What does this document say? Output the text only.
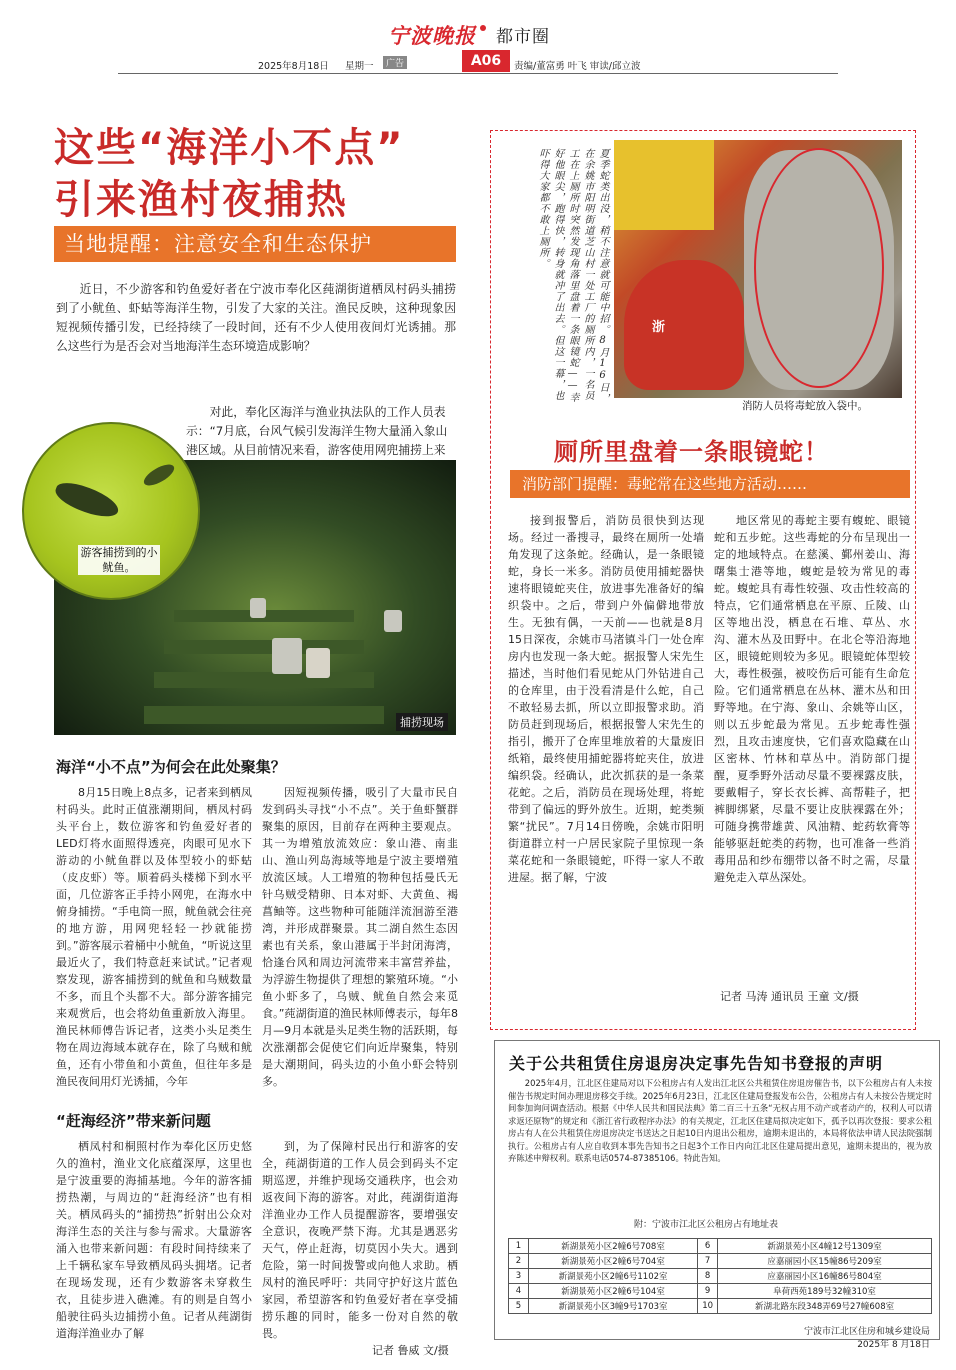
宁波晚报 都市圈
2025年8月18日 星期一	广告	A06	责编/董富勇 叶飞 审读/邱立波
这些“海洋小不点”
引来渔村夜捕热
当地提醒：注意安全和生态保护

近日，不少游客和钓鱼爱好者在宁波市奉化区莼湖街道栖凤村码头捕捞到了小鱿鱼、虾蛄等海洋生物，引发了大家的关注。渔民反映，这种现象因短视频传播引发，已经持续了一段时间，还有不少人使用夜间灯光诱捕。那么这些行为是否会对当地海洋生态环境造成影响？

对此，奉化区海洋与渔业执法队的工作人员表示：“7月底，台风气候引发海洋生物大量涌入象山港区域。从目前情况来看，游客使用网兜捕捞上来

捕捞现场
游客捕捞到的小鱿鱼。
海洋“小不点”为何会在此处聚集？

8月15日晚上8点多，记者来到栖凤村码头。此时正值涨潮期间，栖凤村码头平台上，数位游客和钓鱼爱好者的LED灯将水面照得透亮，肉眼可见水下游动的小鱿鱼群以及体型较小的虾蛄（皮皮虾）等。顺着码头楼梯下到水平面，几位游客正手持小网兜，在海水中俯身捕捞。“手电筒一照，鱿鱼就会往亮的地方游，用网兜轻轻一抄就能捞到。”游客展示着桶中小鱿鱼，“听说这里最近火了，我们特意赶来试试。”记者观察发现，游客捕捞到的鱿鱼和乌贼数量不多，而且个头都不大。部分游客捕完来观赏后，也会将幼鱼重新放入海里。渔民林师傅告诉记者，这类小头足类生物在周边海域本就存在，除了乌贼和鱿鱼，还有小带鱼和小黄鱼，但往年多是渔民夜间用灯光诱捕，今年

因短视频传播，吸引了大量市民自发到码头寻找“小不点”。关于鱼虾蟹群聚集的原因，目前存在两种主要观点。其一为增殖放流效应：象山港、南韭山、渔山列岛海域等地是宁波主要增殖放流区域。人工增殖的物种包括曼氏无针乌贼受精卵、日本对虾、大黄鱼、褐菖鲉等。这些物种可能随洋流洄游至港湾，并形成群聚景。其二湖自然生态因素也有关系，象山港属于半封闭海湾，恰逢台风和周边河流带来丰富营养盐，为浮游生物提供了理想的繁殖环境。“小鱼小虾多了，乌贼、鱿鱼自然会来觅食。”莼湖街道的渔民林师傅表示，每年8月—9月本就是头足类生物的活跃期，每次涨潮都会促使它们向近岸聚集，特别是大潮期间，码头边的小鱼小虾会特别多。

“赶海经济”带来新问题

栖凤村和桐照村作为奉化区历史悠久的渔村，渔业文化底蕴深厚，这里也是宁波重要的海捕基地。今年的游客捕捞热潮，与周边的“赶海经济”也有相关。栖凤码头的“捕捞热”折射出公众对海洋生态的关注与参与需求。大量游客涌入也带来新问题：有段时间持续来了上千辆私家车导致栖凤码头拥堵。记者在现场发现，还有少数游客未穿救生衣，且徒步进入礁滩。有的则是自驾小船驶往码头边捕捞小鱼。记者从莼湖街道海洋渔业办了解

到，为了保障村民出行和游客的安全，莼湖街道的工作人员会到码头不定期巡逻，并维护现场交通秩序，也会劝返夜间下海的游客。对此，莼湖街道海洋渔业办工作人员提醒游客，要增强安全意识，夜晚严禁下海。尤其是遇恶劣天气，停止赶海，切莫因小失大。遇到危险，第一时间拨警或向他人求助。栖凤村的渔民呼吁：共同守护好这片蓝色家园，希望游客和钓鱼爱好者在享受捕捞乐趣的同时，能多一份对自然的敬畏。

记者 鲁威 文/摄
夏季蛇类出没，稍不注意就可能中招。8月16日，在余姚市阳明街道芝山村一处工厂的厕所内，一名员工在上厕所时突然发现角落里盘着一条眼镜蛇——幸好他眼尖，跑得快，转身就冲了出去。但这一幕，也吓得大家都不敢上厕所。
浙
消防人员将毒蛇放入袋中。
厕所里盘着一条眼镜蛇！
消防部门提醒：毒蛇常在这些地方活动……

接到报警后，消防员很快到达现场。经过一番搜寻，最终在厕所一处墙角发现了这条蛇。经确认，是一条眼镜蛇，身长一米多。消防员使用捕蛇器快速将眼镜蛇夹住，放进事先准备好的编织袋中。之后，带到户外偏僻地带放生。无独有偶，一天前——也就是8月15日深夜，余姚市马渚镇斗门一处仓库房内也发现一条大蛇。据报警人宋先生描述，当时他们看见蛇从门外钻进自己的仓库里，由于没看清是什么蛇，自己不敢轻易去抓，所以立即报警求助。消防员赶到现场后，根据报警人宋先生的指引，搬开了仓库里堆放着的大量废旧纸箱，最终使用捕蛇器将蛇夹住，放进编织袋。经确认，此次抓获的是一条菜花蛇。之后，消防员在现场处理，将蛇带到了偏远的野外放生。近期，蛇类频繁“扰民”。7月14日傍晚，余姚市阳明街道群立村一户居民家院子里惊现一条菜花蛇和一条眼镜蛇，吓得一家人不敢进屋。据了解，宁波

地区常见的毒蛇主要有蝮蛇、眼镜蛇和五步蛇。这些毒蛇的分布呈现出一定的地域特点。在慈溪、鄞州姜山、海曙集士港等地，蝮蛇是较为常见的毒蛇。蝮蛇具有毒性较强、攻击性较高的特点，它们通常栖息在平原、丘陵、山区等地出没，栖息在石堆、草丛、水沟、灌木丛及田野中。在北仑等沿海地区，眼镜蛇则较为多见。眼镜蛇体型较大，毒性极强，被咬伤后可能有生命危险。它们通常栖息在丛林、灌木丛和田野等地。在宁海、象山、余姚等山区，则以五步蛇最为常见。五步蛇毒性强烈，且攻击速度快，它们喜欢隐藏在山区密林、竹林和草丛中。消防部门提醒，夏季野外活动尽量不要裸露皮肤，要戴帽子，穿长衣长裤、高帮鞋子，把裤脚绑紧，尽量不要让皮肤裸露在外；可随身携带雄黄、风油精、蛇药软膏等能够驱赶蛇类的药物，也可准备一些消毒用品和纱布绷带以备不时之需，尽量避免走入草丛深处。

记者 马涛 通讯员 王童 文/摄
关于公共租赁住房退房决定事先告知书登报的声明

2025年4月，江北区住建局对以下公租房占有人发出江北区公共租赁住房退房催告书，以下公租房占有人未按催告书规定时间办理退房移交手续。2025年6月23日，江北区住建局登报发布公告，公租房占有人未按公告规定时间参加询问调查活动。根据《中华人民共和国民法典》第二百三十五条“无权占用不动产或者动产的，权利人可以请求返还原物”的规定和《浙江省行政程序办法》的有关规定，江北区住建局拟决定如下，孤予以再次登报：要求公租房占有人在公共租赁住房退房决定书送达之日起10日内退出公租房，逾期未退出的，本局将依法申请人民法院强制执行。公租房占有人应自收到本事先告知书之日起3个工作日内向江北区住建局提出意见，逾期未提出的，视为放弃陈述申辩权利。联系电话0574-87385106。特此告知。

附：宁波市江北区公租房占有地址表
1	新湖景苑小区2幢6号708室	6	新湖景苑小区4幢12号1309室
2	新湖景苑小区2幢6号704室	7	应嘉丽园小区15幢86号209室
3	新湖景苑小区2幢6号1102室	8	应嘉丽园小区16幢86号804室
4	新湖景苑小区2幢6号104室	9	阜荷西苑189号32幢310室
5	新湖景苑小区3幢9号1703室	10	新湖北路东段348弄69号27幢608室
宁波市江北区住房和城乡建设局
2025年 8 月18日
